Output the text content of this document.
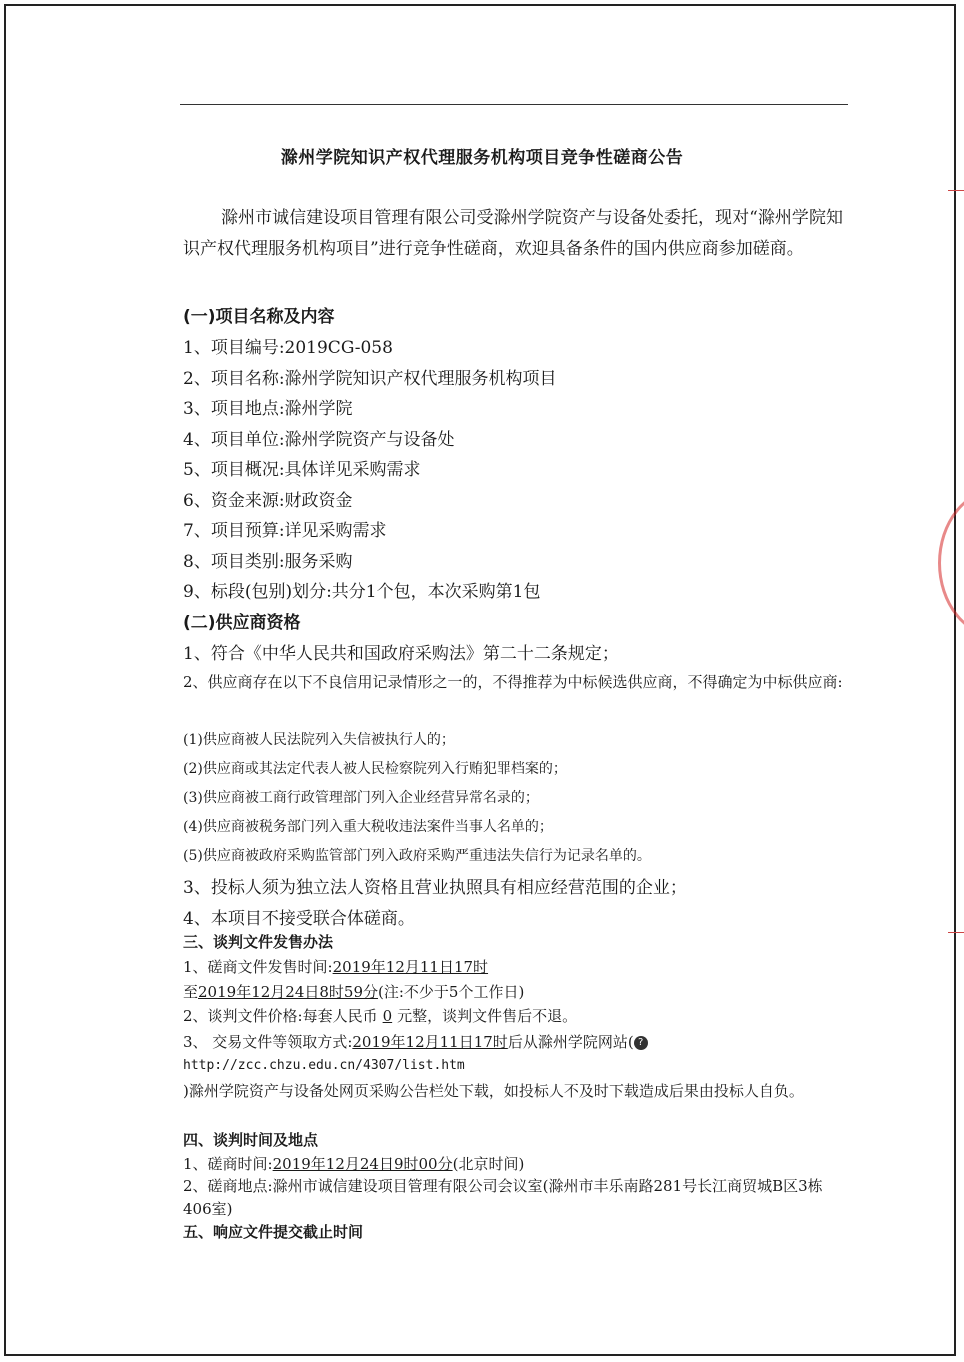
滁州学院知识产权代理服务机构项目竞争性磋商公告
滁州市诚信建设项目管理有限公司受滁州学院资产与设备处委托，现对“滁州学院知识产权代理服务机构项目”进行竞争性磋商，欢迎具备条件的国内供应商参加磋商。
(一)项目名称及内容
1、项目编号:2019CG-058
2、项目名称:滁州学院知识产权代理服务机构项目
3、项目地点:滁州学院
4、项目单位:滁州学院资产与设备处
5、项目概况:具体详见采购需求
6、资金来源:财政资金
7、项目预算:详见采购需求
8、项目类别:服务采购
9、标段(包别)划分:共分1个包，本次采购第1包
(二)供应商资格
1、符合《中华人民共和国政府采购法》第二十二条规定；
2、供应商存在以下不良信用记录情形之一的，不得推荐为中标候选供应商，不得确定为中标供应商:
(1)供应商被人民法院列入失信被执行人的；
(2)供应商或其法定代表人被人民检察院列入行贿犯罪档案的；
(3)供应商被工商行政管理部门列入企业经营异常名录的；
(4)供应商被税务部门列入重大税收违法案件当事人名单的；
(5)供应商被政府采购监管部门列入政府采购严重违法失信行为记录名单的。
3、投标人须为独立法人资格且营业执照具有相应经营范围的企业；
4、本项目不接受联合体磋商。
三、谈判文件发售办法
1、磋商文件发售时间:2019年12月11日17时
至2019年12月24日8时59分(注:不少于5个工作日)
2、谈判文件价格:每套人民币 0 元整，谈判文件售后不退。
3、 交易文件等领取方式:2019年12月11日17时后从滁州学院网站( ?
http://zcc.chzu.edu.cn/4307/list.htm
)滁州学院资产与设备处网页采购公告栏处下载，如投标人不及时下载造成后果由投标人自负。
四、谈判时间及地点
1、磋商时间:2019年12月24日9时00分(北京时间)
2、磋商地点:滁州市诚信建设项目管理有限公司会议室(滁州市丰乐南路281号长江商贸城B区3栋406室)
五、响应文件提交截止时间
